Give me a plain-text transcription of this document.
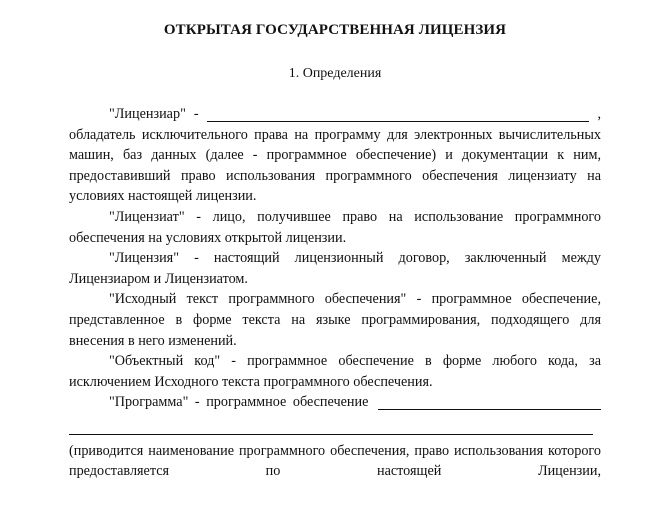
ОТКРЫТАЯ ГОСУДАРСТВЕННАЯ ЛИЦЕНЗИЯ
1. Определения

"Лицензиар" -	,

обладатель исключительного права на программу для электронных вычислительных машин, баз данных (далее - программное обеспечение) и документации к ним, предоставивший право использования программного обеспечения лицензиату на условиях настоящей лицензии.

"Лицензиат" - лицо, получившее право на использование программного обеспечения на условиях открытой лицензии.

"Лицензия" - настоящий лицензионный договор, заключенный между Лицензиаром и Лицензиатом.

"Исходный текст программного обеспечения" - программное обеспечение, представленное в форме текста на языке программирования, подходящего для внесения в него изменений.

"Объектный код" - программное обеспечение в форме любого кода, за исключением Исходного текста программного обеспечения.

"Программа" - программное обеспечение

(приводится наименование программного обеспечения, право использования которого предоставляется по настоящей Лицензии,
